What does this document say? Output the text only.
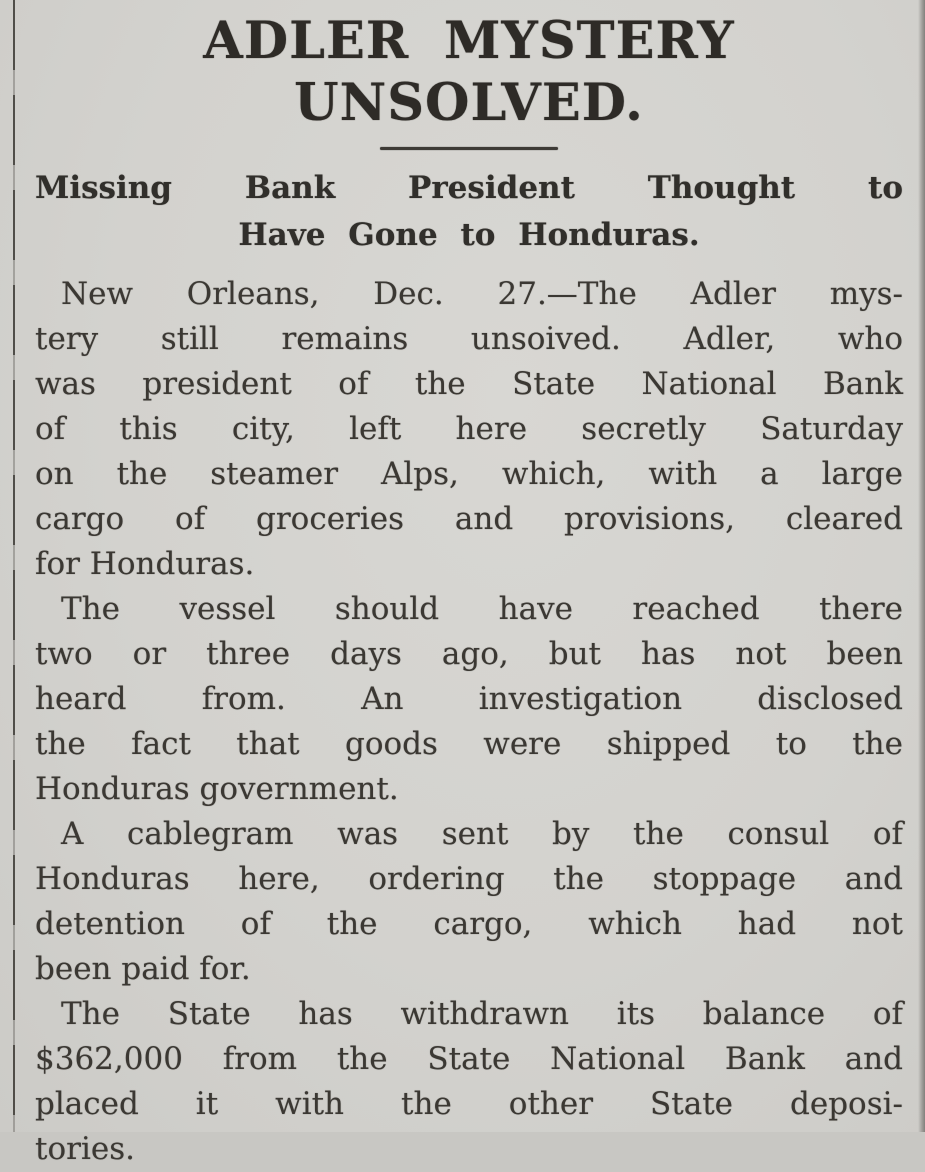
ADLER MYSTERY UNSOLVED.
Missing Bank President Thought to
Have Gone to Honduras.

New Orleans, Dec. 27.—The Adler mys-
tery still remains unsoived. Adler, who
was president of the State National Bank
of this city, left here secretly Saturday
on the steamer Alps, which, with a large
cargo of groceries and provisions, cleared
for Honduras.

The vessel should have reached there
two or three days ago, but has not been
heard from. An investigation disclosed
the fact that goods were shipped to the
Honduras government.

A cablegram was sent by the consul of
Honduras here, ordering the stoppage and
detention of the cargo, which had not
been paid for.

The State has withdrawn its balance of
$362,000 from the State National Bank and
placed it with the other State deposi-
tories.
